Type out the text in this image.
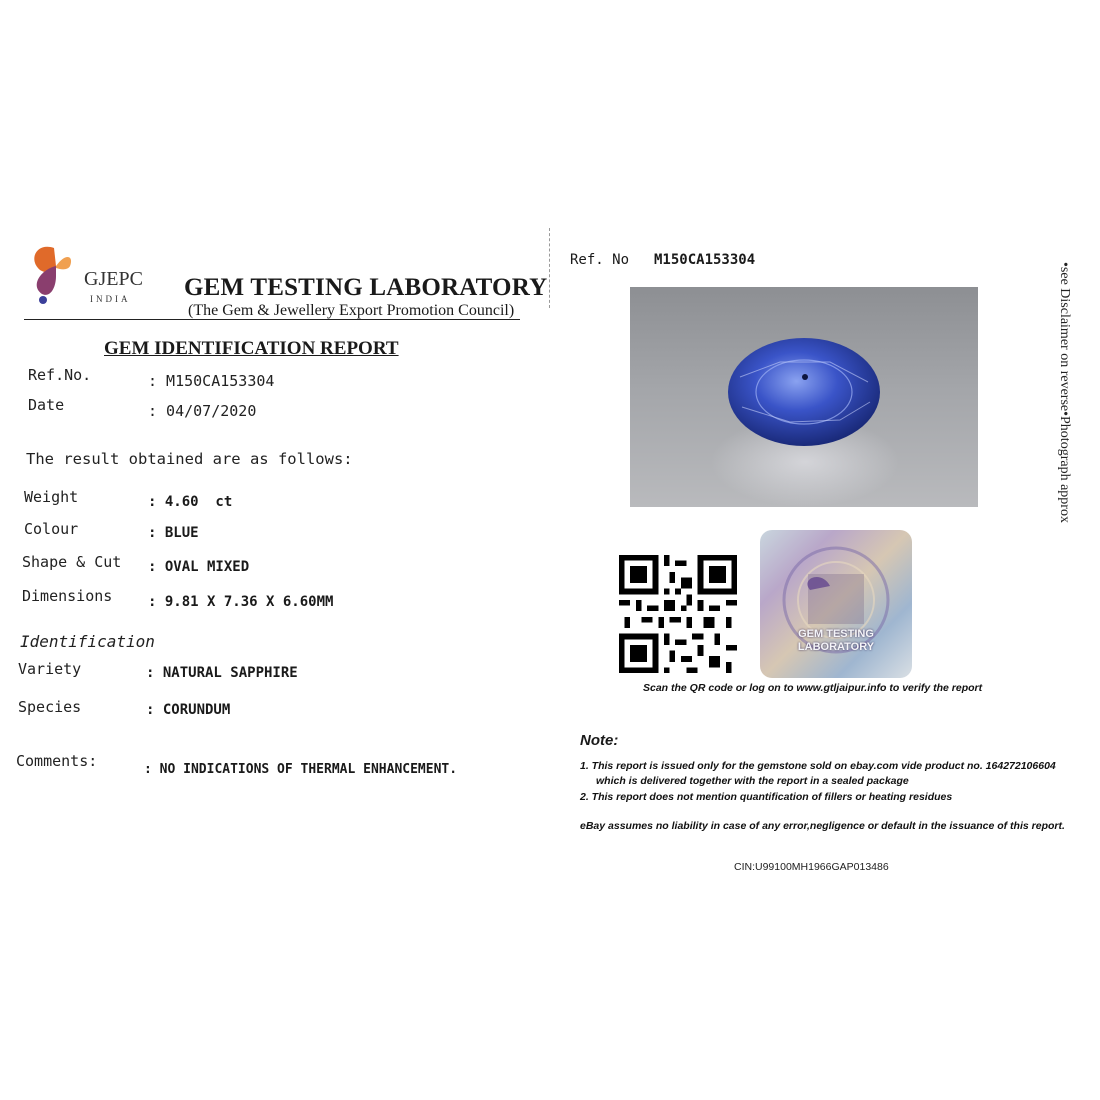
GJEPC
INDIA GEM TESTING LABORATORY
(The Gem & Jewellery Export Promotion Council)
GEM IDENTIFICATION REPORT
Ref.No.	: M150CA153304
Date	: 04/07/2020
The result obtained are as follows:
Weight	: 4.60  ct
Colour	: BLUE
Shape & Cut : OVAL MIXED
Dimensions	: 9.81 X 7.36 X 6.60MM
Identification
Variety	: NATURAL SAPPHIRE
Species	: CORUNDUM
Comments:	: NO INDICATIONS OF THERMAL ENHANCEMENT.
Ref. No M150CA153304
GEM TESTING
LABORATORY
Scan the QR code or log on to www.gtljaipur.info to verify the report
Note:
1. This report is issued only for the gemstone sold on ebay.com vide product no. 164272106604
which is delivered together with the report in a sealed package
2. This report does not mention quantification of fillers or heating residues
eBay assumes no liability in case of any error,negligence or default in the issuance of this report.
CIN:U99100MH1966GAP013486
•see Disclaimer on reverse•Photograph approx
